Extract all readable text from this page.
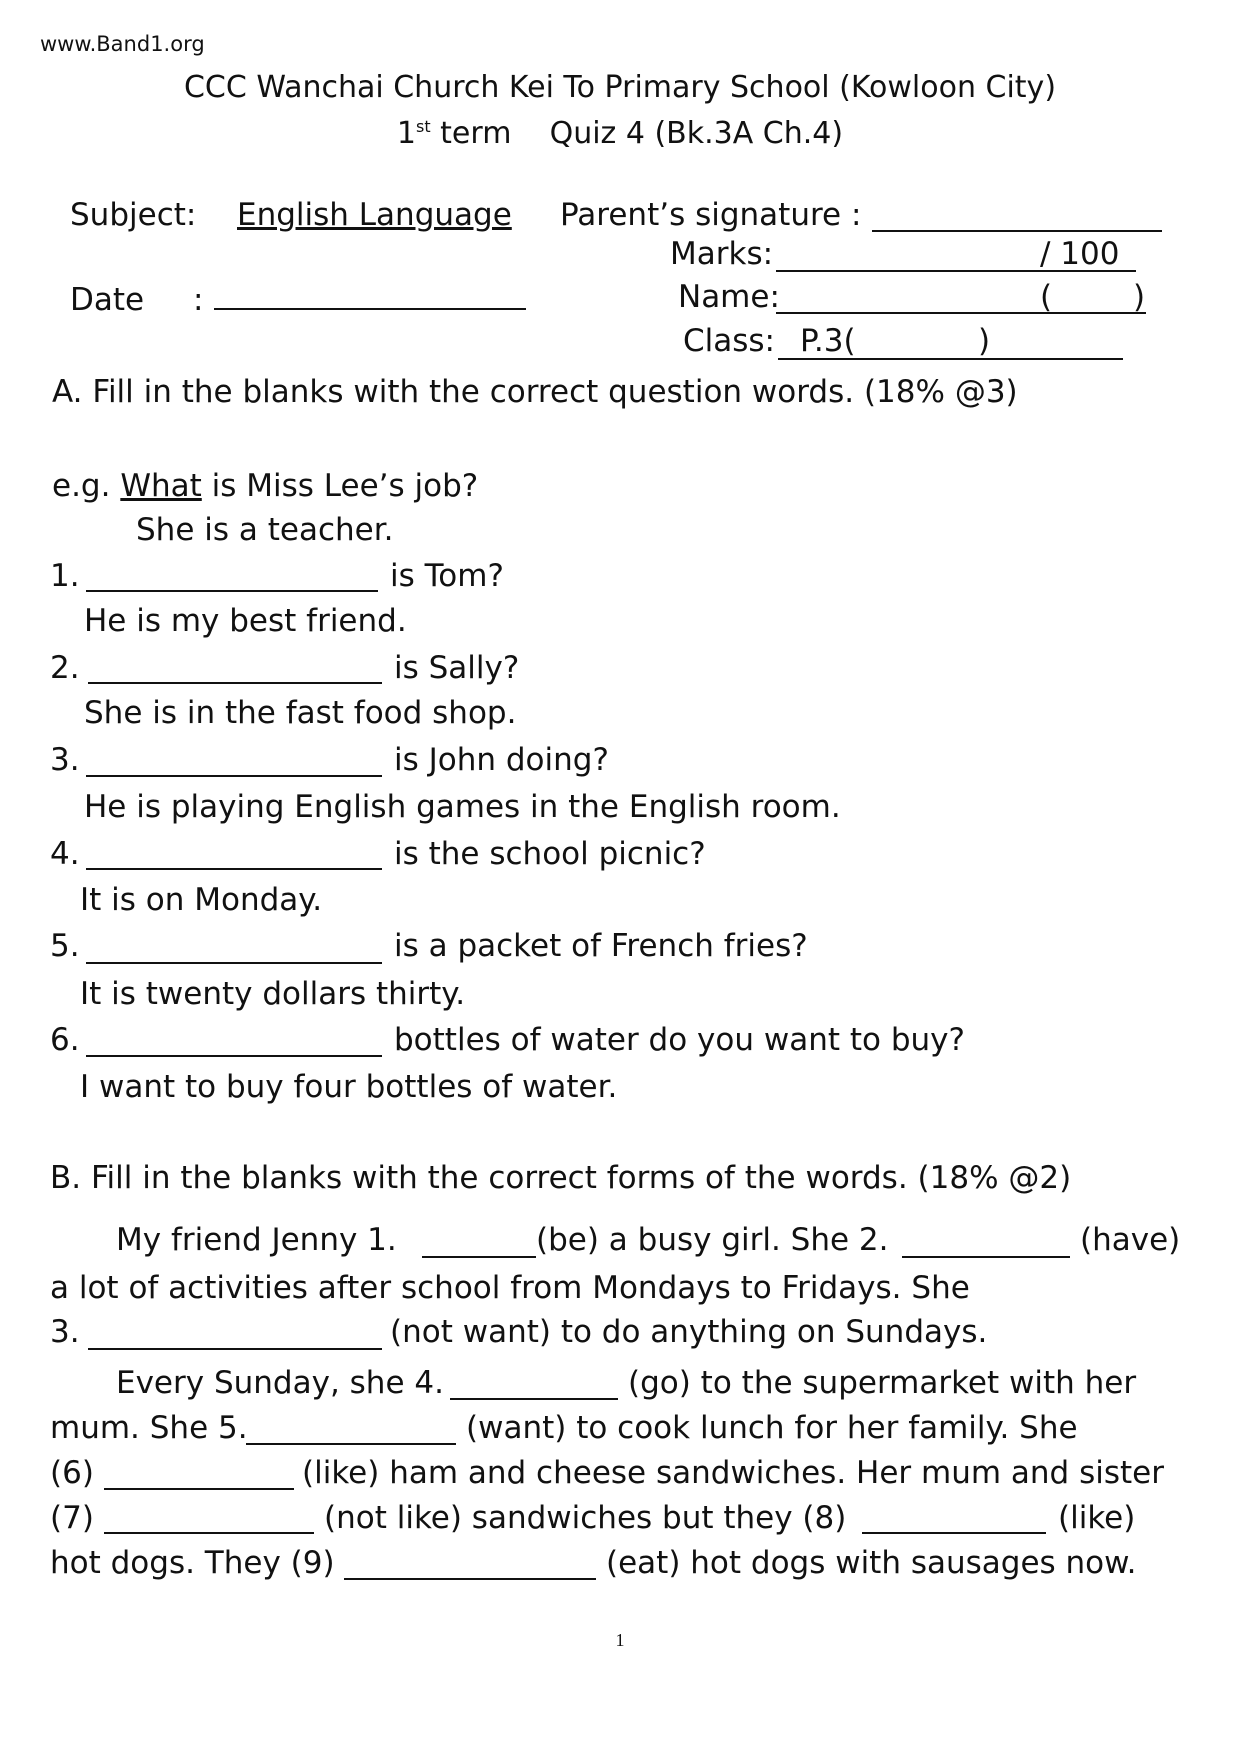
www.Band1.org
CCC Wanchai Church Kei To Primary School (Kowloon City)
1st term Quiz 4 (Bk.3A Ch.4)
Subject: English Language Parent’s signature :
Marks:	/ 100
Date :	Name:	(	)
Class: P.3(	)
A. Fill in the blanks with the correct question words. (18% @3)
e.g. What is Miss Lee’s job?
She is a teacher.
1.	is Tom?
He is my best friend.
2.	is Sally?
She is in the fast food shop.
3.	is John doing?
He is playing English games in the English room.
4.	is the school picnic?
It is on Monday.
5.	is a packet of French fries?
It is twenty dollars thirty.
6.	bottles of water do you want to buy?
I want to buy four bottles of water.
B. Fill in the blanks with the correct forms of the words. (18% @2)
My friend Jenny 1.	(be) a busy girl. She 2.	(have)
a lot of activities after school from Mondays to Fridays. She
3.	(not want) to do anything on Sundays.
Every Sunday, she 4.	(go) to the supermarket with her
mum. She 5.	(want) to cook lunch for her family. She
(6)	(like) ham and cheese sandwiches. Her mum and sister
(7)	(not like) sandwiches but they (8)	(like)
hot dogs. They (9)	(eat) hot dogs with sausages now.
1
